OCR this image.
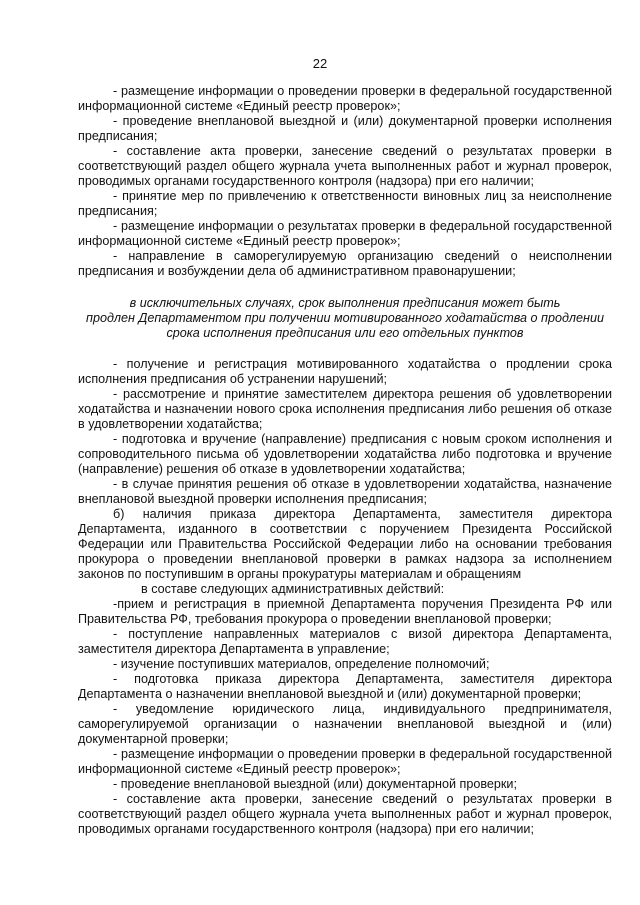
22

- размещение информации о проведении проверки в федеральной государственной информационной системе «Единый реестр проверок»;

- проведение внеплановой выездной и (или) документарной проверки исполнения предписания;

- составление акта проверки, занесение сведений о результатах проверки в соответствующий раздел общего журнала учета выполненных работ и журнал проверок, проводимых органами государственного контроля (надзора) при его наличии;

- принятие мер по привлечению к ответственности виновных лиц за неисполнение предписания;

- размещение информации о результатах проверки в федеральной государственной информационной системе «Единый реестр проверок»;

- направление в саморегулируемую организацию сведений о неисполнении предписания и возбуждении дела об административном правонарушении;

в исключительных случаях, срок выполнения предписания может быть
продлен Департаментом при получении мотивированного ходатайства о продлении
срока исполнения предписания или его отдельных пунктов

- получение и регистрация мотивированного ходатайства о продлении срока исполнения предписания об устранении нарушений;

- рассмотрение и принятие заместителем директора решения об удовлетворении ходатайства и назначении нового срока исполнения предписания либо решения об отказе в удовлетворении ходатайства;

- подготовка и вручение (направление) предписания с новым сроком исполнения и сопроводительного письма об удовлетворении ходатайства либо подготовка и вручение (направление) решения об отказе в удовлетворении ходатайства;

- в случае принятия решения об отказе в удовлетворении ходатайства, назначение внеплановой выездной проверки исполнения предписания;

б) наличия приказа директора Департамента, заместителя директора Департамента, изданного в соответствии с поручением Президента Российской Федерации или Правительства Российской Федерации либо на основании требования прокурора о проведении внеплановой проверки в рамках надзора за исполнением законов по поступившим в органы прокуратуры материалам и обращениям

в составе следующих административных действий:

-прием и регистрация в приемной Департамента поручения Президента РФ или Правительства РФ, требования прокурора о проведении внеплановой проверки;

- поступление направленных материалов с визой директора Департамента, заместителя директора Департамента в управление;

- изучение поступивших материалов, определение полномочий;

- подготовка приказа директора Департамента, заместителя директора Департамента о назначении внеплановой выездной и (или) документарной проверки;

- уведомление юридического лица, индивидуального предпринимателя, саморегулируемой организации о назначении внеплановой выездной и (или) документарной проверки;

- размещение информации о проведении проверки в федеральной государственной информационной системе «Единый реестр проверок»;

- проведение внеплановой выездной (или) документарной проверки;

- составление акта проверки, занесение сведений о результатах проверки в соответствующий раздел общего журнала учета выполненных работ и журнал проверок, проводимых органами государственного контроля (надзора) при его наличии;
